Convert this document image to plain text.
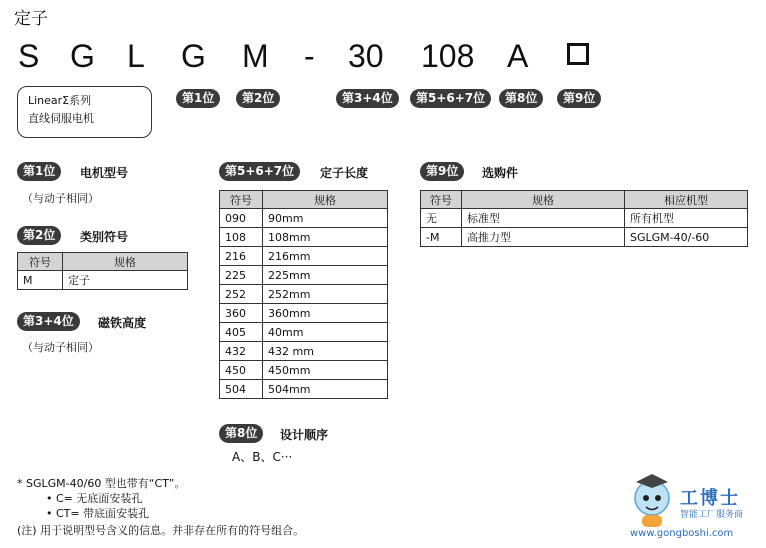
定子
S G L G M - 30 108 A
第1位	第2位	第3+4位	第5+6+7位	第8位	第9位
LinearΣ系列
直线伺服电机
第1位	电机型号
（与动子相同）
第2位	类别符号
符号	规格
M	定子
第3+4位	磁铁高度
（与动子相同）
第5+6+7位	定子长度
符号	规格
090	90mm
108	108mm
216	216mm
225	225mm
252	252mm
360	360mm
405	40mm
432	432 mm
450	450mm
504	504mm
第8位	设计顺序
A、B、C···
第9位	选购件
符号	规格	相应机型
无	标准型	所有机型
-M	高推力型	SGLGM-40/-60
* SGLGM-40/60 型也带有“CT”。
• C= 无底面安装孔
• CT= 带底面安装孔
(注) 用于说明型号含义的信息。并非存在所有的符号组合。
工博士
智能工厂服务商
www.gongboshi.com
